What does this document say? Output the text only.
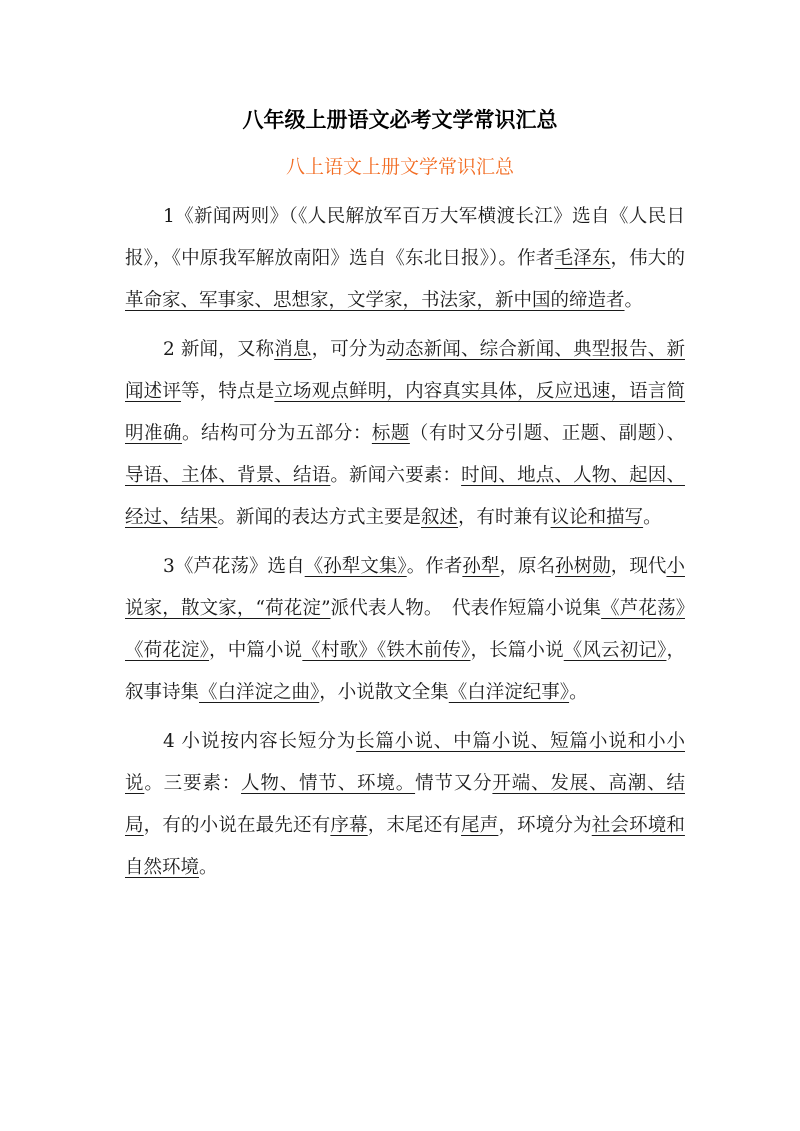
八年级上册语文必考文学常识汇总
八上语文上册文学常识汇总

1《新闻两则》（《人民解放军百万大军横渡长江》选自《人民日报》，《中原我军解放南阳》选自《东北日报》）。作者毛泽东，伟大的革命家、军事家、思想家，文学家，书法家，新中国的缔造者。

2 新闻，又称消息，可分为动态新闻、综合新闻、典型报告、新闻述评等，特点是立场观点鲜明，内容真实具体，反应迅速，语言简明准确。结构可分为五部分：标题（有时又分引题、正题、副题）、导语、主体、背景、结语。新闻六要素：时间、地点、人物、起因、经过、结果。新闻的表达方式主要是叙述，有时兼有议论和描写。

3《芦花荡》选自《孙犁文集》。作者孙犁，原名孙树勋，现代小说家，散文家，“荷花淀”派代表人物。　代表作短篇小说集《芦花荡》《荷花淀》，中篇小说《村歌》《铁木前传》，长篇小说《风云初记》，叙事诗集《白洋淀之曲》，小说散文全集《白洋淀纪事》。

4 小说按内容长短分为长篇小说、中篇小说、短篇小说和小小说。三要素：人物、情节、环境。情节又分开端、发展、高潮、结局，有的小说在最先还有序幕，末尾还有尾声，环境分为社会环境和自然环境。
